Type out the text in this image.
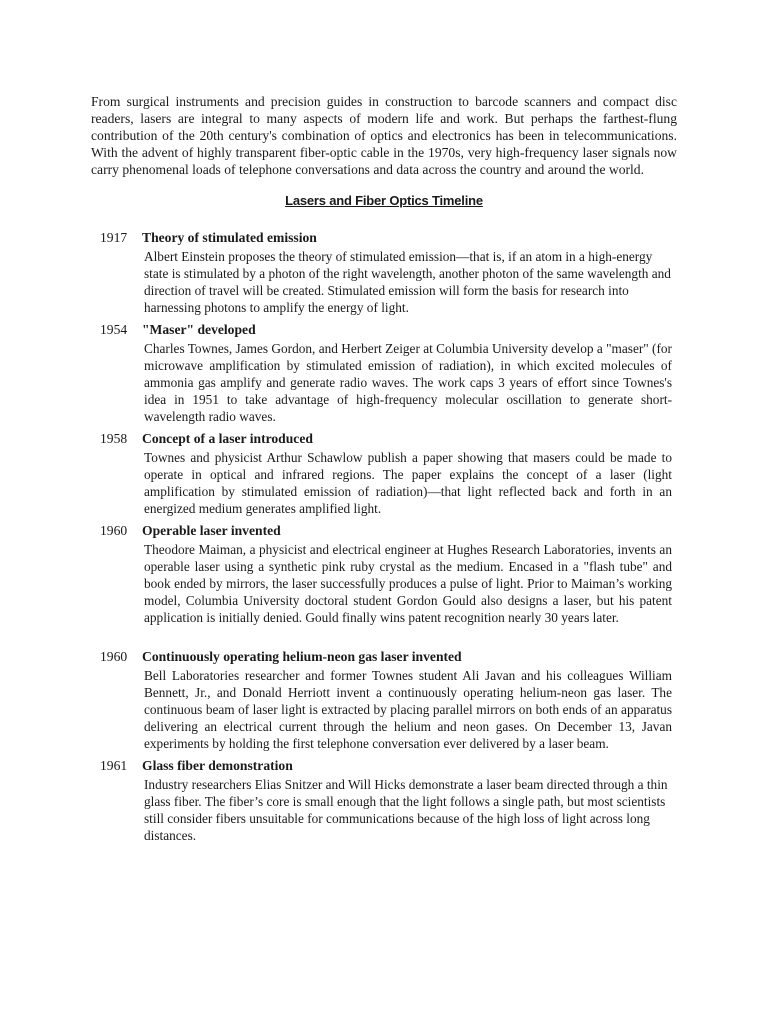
From surgical instruments and precision guides in construction to barcode scanners and compact disc readers, lasers are integral to many aspects of modern life and work. But perhaps the farthest-flung contribution of the 20th century's combination of optics and electronics has been in telecommunications. With the advent of highly transparent fiber-optic cable in the 1970s, very high-frequency laser signals now carry phenomenal loads of telephone conversations and data across the country and around the world.

Lasers and Fiber Optics Timeline
1917 Theory of stimulated emission

Albert Einstein proposes the theory of stimulated emission—that is, if an atom in a high-energy state is stimulated by a photon of the right wavelength, another photon of the same wavelength and direction of travel will be created. Stimulated emission will form the basis for research into harnessing photons to amplify the energy of light.

1954 "Maser" developed

Charles Townes, James Gordon, and Herbert Zeiger at Columbia University develop a "maser" (for microwave amplification by stimulated emission of radiation), in which excited molecules of ammonia gas amplify and generate radio waves. The work caps 3 years of effort since Townes's idea in 1951 to take advantage of high-frequency molecular oscillation to generate short-wavelength radio waves.

1958 Concept of a laser introduced

Townes and physicist Arthur Schawlow publish a paper showing that masers could be made to operate in optical and infrared regions. The paper explains the concept of a laser (light amplification by stimulated emission of radiation)—that light reflected back and forth in an energized medium generates amplified light.

1960 Operable laser invented

Theodore Maiman, a physicist and electrical engineer at Hughes Research Laboratories, invents an operable laser using a synthetic pink ruby crystal as the medium. Encased in a "flash tube" and book ended by mirrors, the laser successfully produces a pulse of light. Prior to Maiman’s working model, Columbia University doctoral student Gordon Gould also designs a laser, but his patent application is initially denied. Gould finally wins patent recognition nearly 30 years later.

1960 Continuously operating helium-neon gas laser invented

Bell Laboratories researcher and former Townes student Ali Javan and his colleagues William Bennett, Jr., and Donald Herriott invent a continuously operating helium-neon gas laser. The continuous beam of laser light is extracted by placing parallel mirrors on both ends of an apparatus delivering an electrical current through the helium and neon gases. On December 13, Javan experiments by holding the first telephone conversation ever delivered by a laser beam.

1961 Glass fiber demonstration

Industry researchers Elias Snitzer and Will Hicks demonstrate a laser beam directed through a thin glass fiber. The fiber’s core is small enough that the light follows a single path, but most scientists still consider fibers unsuitable for communications because of the high loss of light across long distances.
